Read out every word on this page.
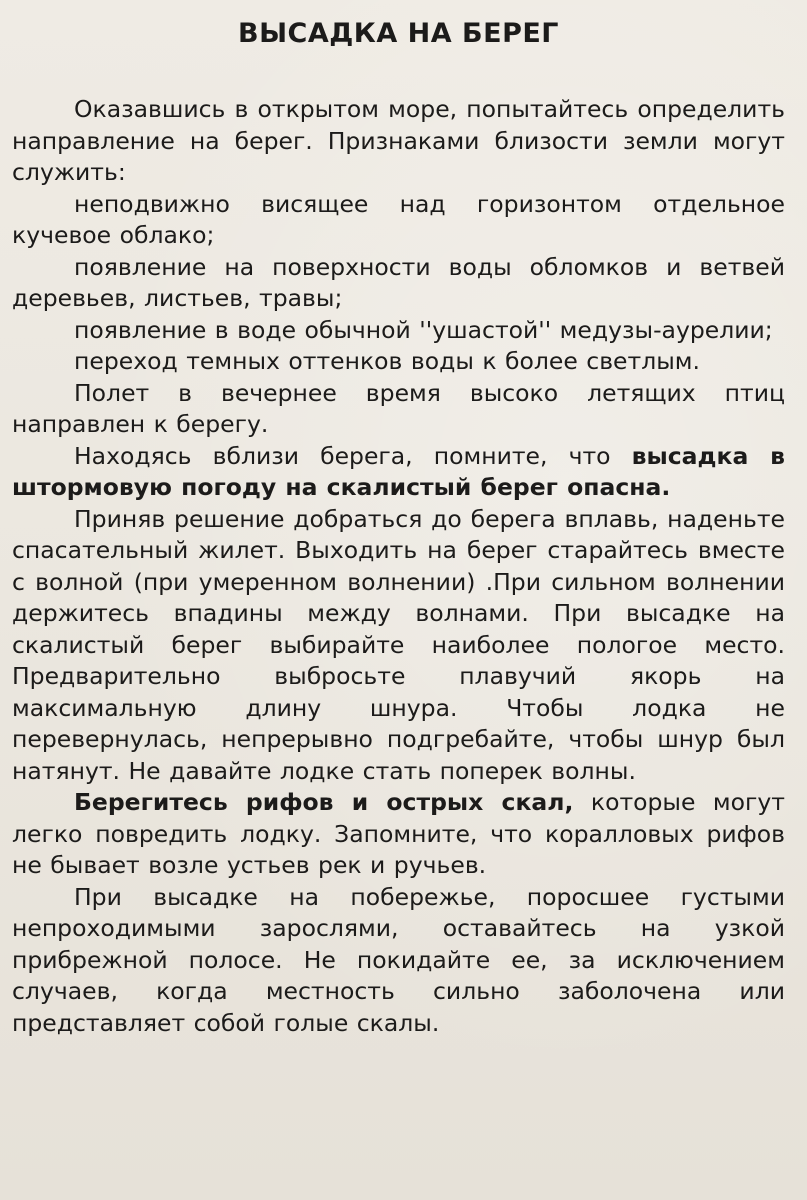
ВЫСАДКА НА БЕРЕГ

Оказавшись в открытом море, попытайтесь определить направление на берег. Признаками близости земли могут служить:

неподвижно висящее над горизонтом отдельное кучевое облако;

появление на поверхности воды обломков и ветвей деревьев, листьев, травы;

появление в воде обычной ''ушастой'' медузы-аурелии;

переход темных оттенков воды к более светлым.

Полет в вечернее время высоко летящих птиц направлен к берегу.

Находясь вблизи берега, помните, что высадка в штормовую погоду на скалистый берег опасна.

Приняв решение добраться до берега вплавь, наденьте спасательный жилет. Выходить на берег старайтесь вместе с волной (при умеренном волнении) .При сильном волнении держитесь впадины между волнами. При высадке на скалистый берег выбирайте наиболее пологое место. Предварительно выбросьте плавучий якорь на максимальную длину шнура. Чтобы лодка не перевернулась, непрерывно подгребайте, чтобы шнур был натянут. Не давайте лодке стать поперек волны.

Берегитесь рифов и острых скал, которые могут легко повредить лодку. Запомните, что коралловых рифов не бывает возле устьев рек и ручьев.

При высадке на побережье, поросшее густыми непроходимыми зарослями, оставайтесь на узкой прибрежной полосе. Не покидайте ее, за исключением случаев, когда местность сильно заболочена или представляет собой голые скалы.
